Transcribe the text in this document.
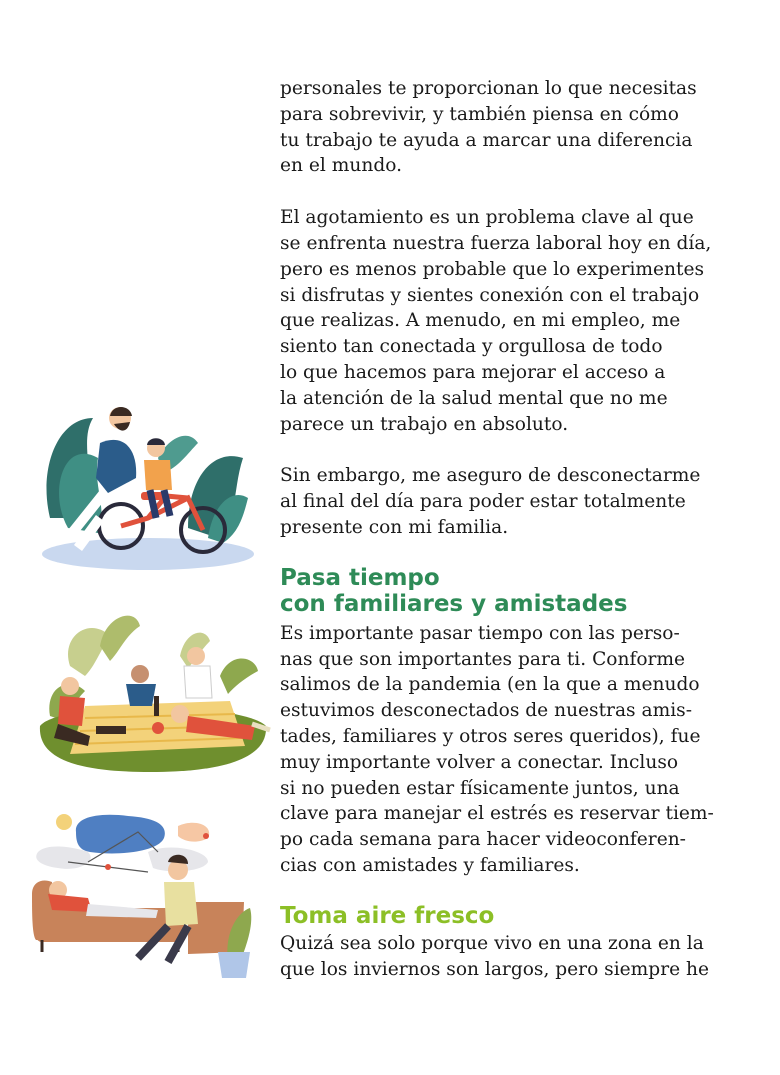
personales te proporcionan lo que necesitas
para sobrevivir, y también piensa en cómo
tu trabajo te ayuda a marcar una diferencia
en el mundo.

El agotamiento es un problema clave al que
se enfrenta nuestra fuerza laboral hoy en día,
pero es menos probable que lo experimentes
si disfrutas y sientes conexión con el trabajo
que realizas. A menudo, en mi empleo, me
siento tan conectada y orgullosa de todo
lo que hacemos para mejorar el acceso a
la atención de la salud mental que no me
parece un trabajo en absoluto.

Sin embargo, me aseguro de desconectarme
al final del día para poder estar totalmente
presente con mi familia.

Pasa tiempo
con familiares y amistades

Es importante pasar tiempo con las perso-
nas que son importantes para ti. Conforme
salimos de la pandemia (en la que a menudo
estuvimos desconectados de nuestras amis-
tades, familiares y otros seres queridos), fue
muy importante volver a conectar. Incluso
si no pueden estar físicamente juntos, una
clave para manejar el estrés es reservar tiem-
po cada semana para hacer videoconferen-
cias con amistades y familiares.

Toma aire fresco

Quizá sea solo porque vivo en una zona en la
que los inviernos son largos, pero siempre he
